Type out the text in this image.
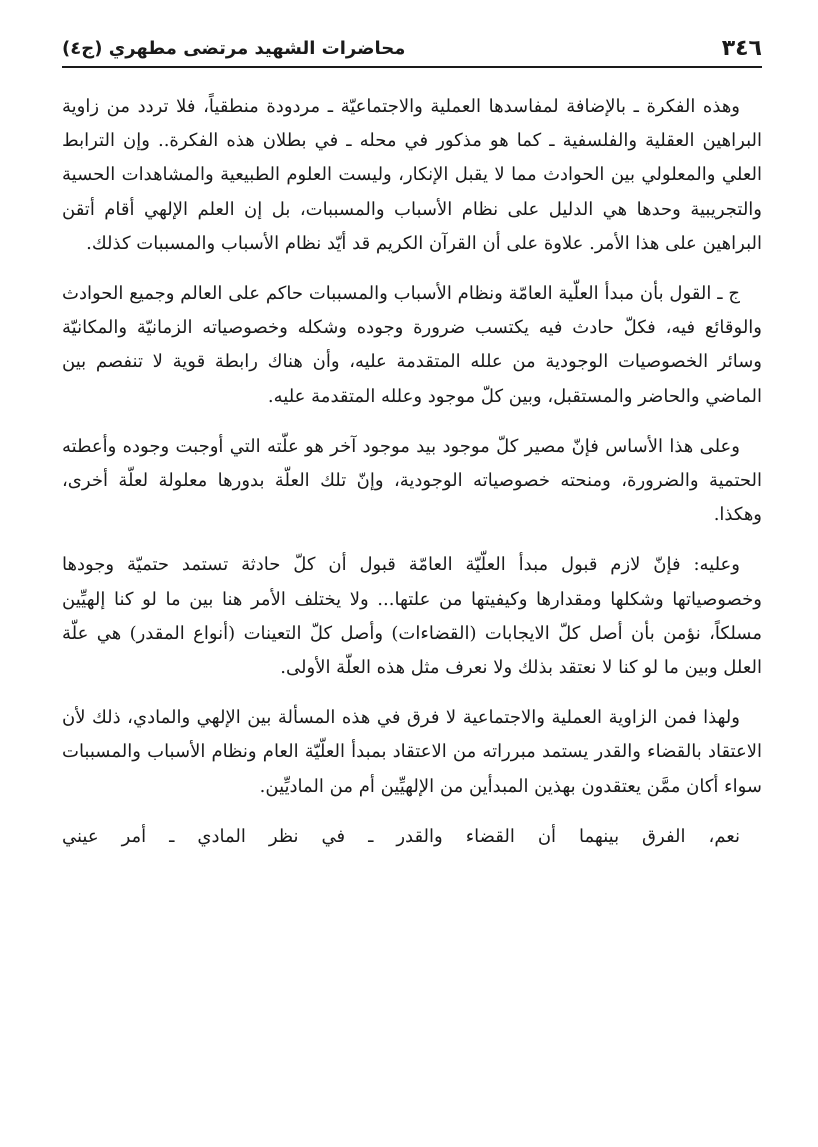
٣٤٦
محاضرات الشهيد مرتضى مطهري (ج٤)

وهذه الفكرة ـ بالإضافة لمفاسدها العملية والاجتماعيّة ـ مردودة منطقياً، فلا تردد من زاوية البراهين العقلية والفلسفية ـ كما هو مذكور في محله ـ في بطلان هذه الفكرة.. وإن الترابط العلي والمعلولي بين الحوادث مما لا يقبل الإنكار، وليست العلوم الطبيعية والمشاهدات الحسية والتجريبية وحدها هي الدليل على نظام الأسباب والمسببات، بل إن العلم الإلهي أقام أتقن البراهين على هذا الأمر. علاوة على أن القرآن الكريم قد أيّد نظام الأسباب والمسببات كذلك.

ج ـ القول بأن مبدأ العلّية العامّة ونظام الأسباب والمسببات حاكم على العالم وجميع الحوادث والوقائع فيه، فكلّ حادث فيه يكتسب ضرورة وجوده وشكله وخصوصياته الزمانيّة والمكانيّة وسائر الخصوصيات الوجودية من علله المتقدمة عليه، وأن هناك رابطة قوية لا تنفصم بين الماضي والحاضر والمستقبل، وبين كلّ موجود وعلله المتقدمة عليه.

وعلى هذا الأساس فإنّ مصير كلّ موجود بيد موجود آخر هو علّته التي أوجبت وجوده وأعطته الحتمية والضرورة، ومنحته خصوصياته الوجودية، وإنّ تلك العلّة بدورها معلولة لعلّة أخرى، وهكذا.

وعليه: فإنّ لازم قبول مبدأ العلّيّة العامّة قبول أن كلّ حادثة تستمد حتميّة وجودها وخصوصياتها وشكلها ومقدارها وكيفيتها من علتها... ولا يختلف الأمر هنا بين ما لو كنا إلهيِّين مسلكاً، نؤمن بأن أصل كلّ الايجابات (القضاءات) وأصل كلّ التعينات (أنواع المقدر) هي علّة العلل وبين ما لو كنا لا نعتقد بذلك ولا نعرف مثل هذه العلّة الأولى.

ولهذا فمن الزاوية العملية والاجتماعية لا فرق في هذه المسألة بين الإلهي والمادي، ذلك لأن الاعتقاد بالقضاء والقدر يستمد مبرراته من الاعتقاد بمبدأ العلّيّة العام ونظام الأسباب والمسببات سواء أكان ممَّن يعتقدون بهذين المبدأين من الإلهيِّين أم من الماديِّين.

نعم، الفرق بينهما أن القضاء والقدر ـ في نظر المادي ـ أمر عيني
